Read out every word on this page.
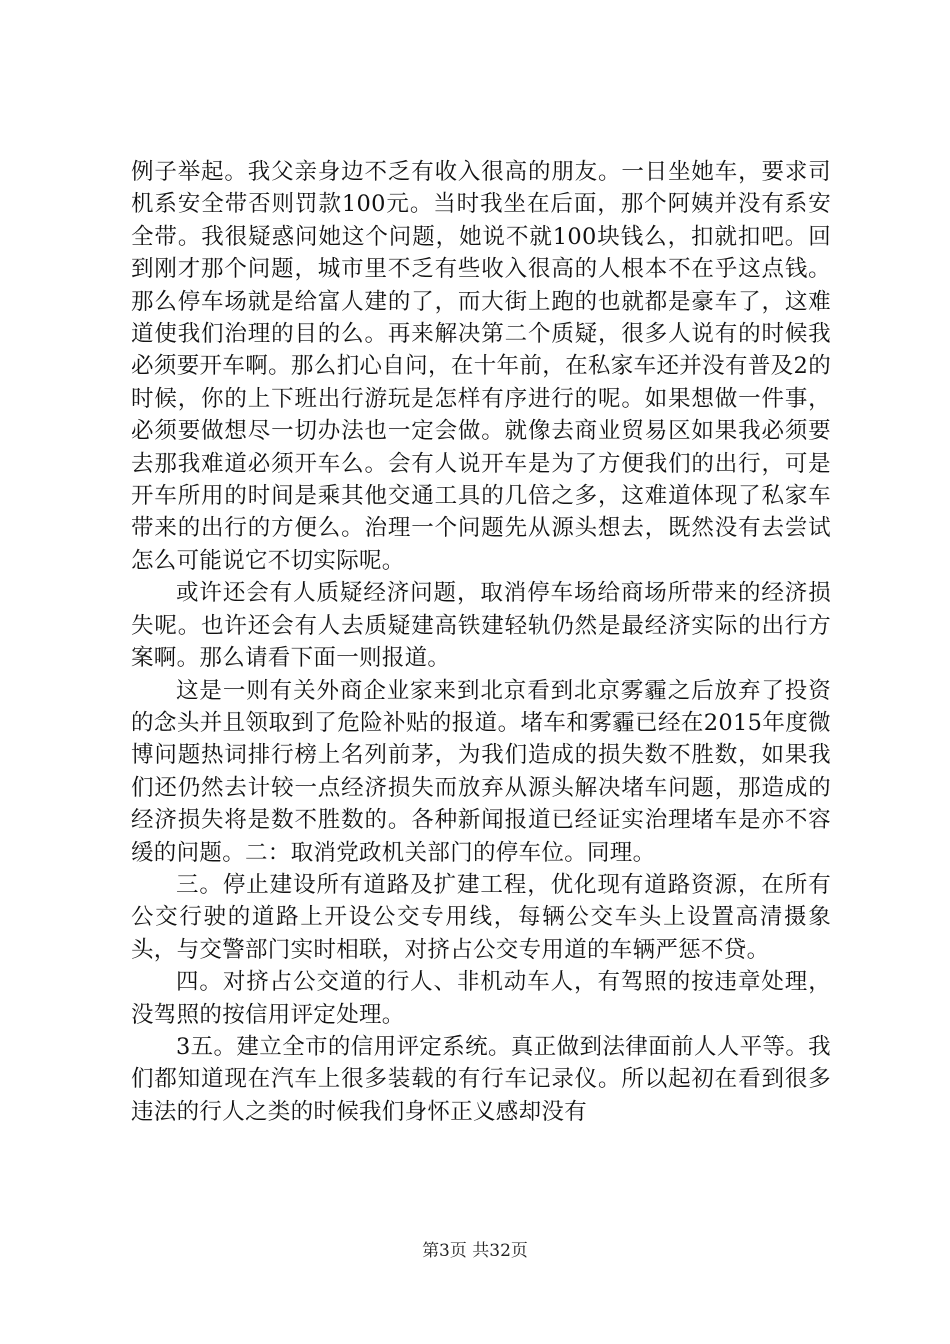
例子举起。我父亲身边不乏有收入很高的朋友。一日坐她车，要求司机系安全带否则罚款100元。当时我坐在后面，那个阿姨并没有系安全带。我很疑惑问她这个问题，她说不就100块钱么，扣就扣吧。回到刚才那个问题，城市里不乏有些收入很高的人根本不在乎这点钱。那么停车场就是给富人建的了，而大街上跑的也就都是豪车了，这难道使我们治理的目的么。再来解决第二个质疑，很多人说有的时候我必须要开车啊。那么扪心自问，在十年前，在私家车还并没有普及2的时候，你的上下班出行游玩是怎样有序进行的呢。如果想做一件事，必须要做想尽一切办法也一定会做。就像去商业贸易区如果我必须要去那我难道必须开车么。会有人说开车是为了方便我们的出行，可是开车所用的时间是乘其他交通工具的几倍之多，这难道体现了私家车带来的出行的方便么。治理一个问题先从源头想去，既然没有去尝试怎么可能说它不切实际呢。

或许还会有人质疑经济问题，取消停车场给商场所带来的经济损失呢。也许还会有人去质疑建高铁建轻轨仍然是最经济实际的出行方案啊。那么请看下面一则报道。

这是一则有关外商企业家来到北京看到北京雾霾之后放弃了投资的念头并且领取到了危险补贴的报道。堵车和雾霾已经在2015年度微博问题热词排行榜上名列前茅，为我们造成的损失数不胜数，如果我们还仍然去计较一点经济损失而放弃从源头解决堵车问题，那造成的经济损失将是数不胜数的。各种新闻报道已经证实治理堵车是亦不容缓的问题。二：取消党政机关部门的停车位。同理。

三。停止建设所有道路及扩建工程，优化现有道路资源，在所有公交行驶的道路上开设公交专用线，每辆公交车头上设置高清摄象头，与交警部门实时相联，对挤占公交专用道的车辆严惩不贷。

四。对挤占公交道的行人、非机动车人，有驾照的按违章处理，没驾照的按信用评定处理。

3五。建立全市的信用评定系统。真正做到法律面前人人平等。我们都知道现在汽车上很多装载的有行车记录仪。所以起初在看到很多违法的行人之类的时候我们身怀正义感却没有

第3页 共32页
